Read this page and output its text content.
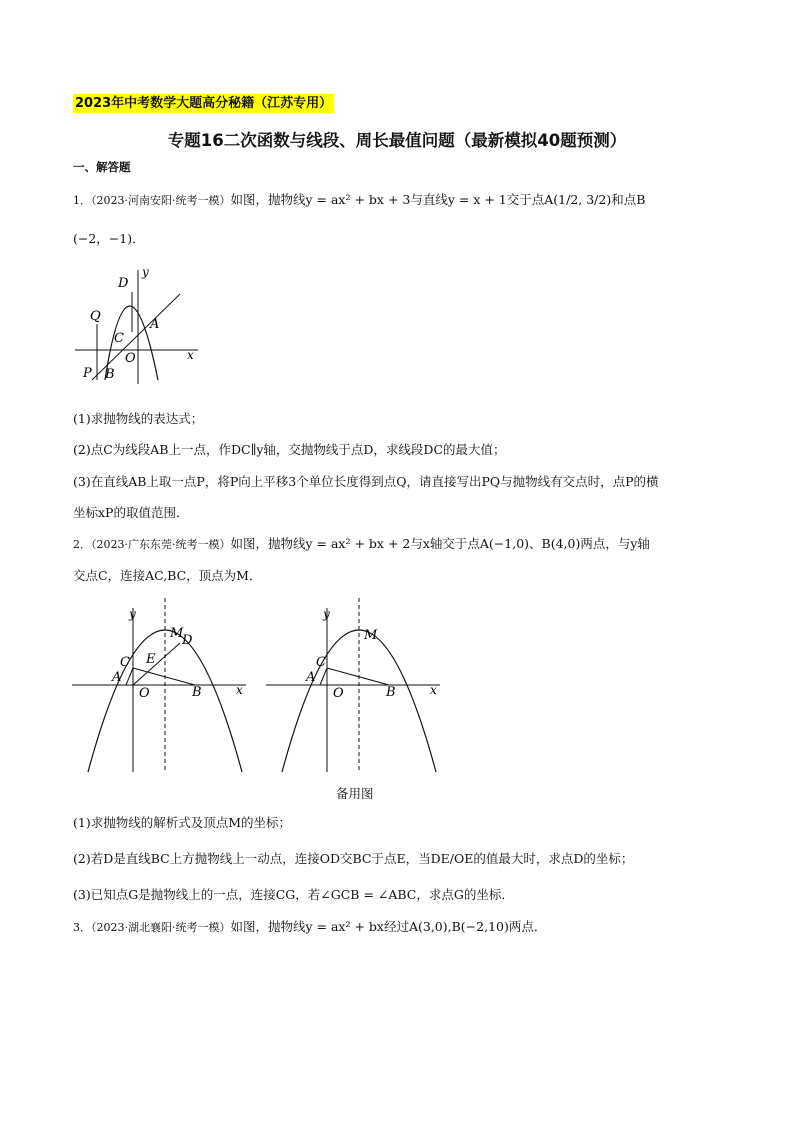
2023年中考数学大题高分秘籍（江苏专用）
专题16二次函数与线段、周长最值问题（最新模拟40题预测）
一、解答题
1．（2023·河南安阳·统考一模）如图，抛物线y = ax² + bx + 3与直线y = x + 1交于点A(1/2, 3/2)和点B
(−2，−1)．
D
y
Q
A
C
O	x
P B
(1)求抛物线的表达式；
(2)点C为线段AB上一点，作DC∥y轴，交抛物线于点D，求线段DC的最大值；
(3)在直线AB上取一点P，将P向上平移3个单位长度得到点Q，请直接写出PQ与抛物线有交点时，点P的横
坐标xP的取值范围．
2．（2023·广东东莞·统考一模）如图，抛物线y = ax² + bx + 2与x轴交于点A(−1,0)、B(4,0)两点，与y轴
交点C，连接AC,BC，顶点为M．
y
M
D
E
C
A
O	B	x
y
M
C
A
O	B	x
备用图
(1)求抛物线的解析式及顶点M的坐标；
(2)若D是直线BC上方抛物线上一动点，连接OD交BC于点E，当DE/OE的值最大时，求点D的坐标；
(3)已知点G是抛物线上的一点，连接CG，若∠GCB = ∠ABC，求点G的坐标．
3．（2023·湖北襄阳·统考一模）如图，抛物线y = ax² + bx经过A(3,0),B(−2,10)两点．
